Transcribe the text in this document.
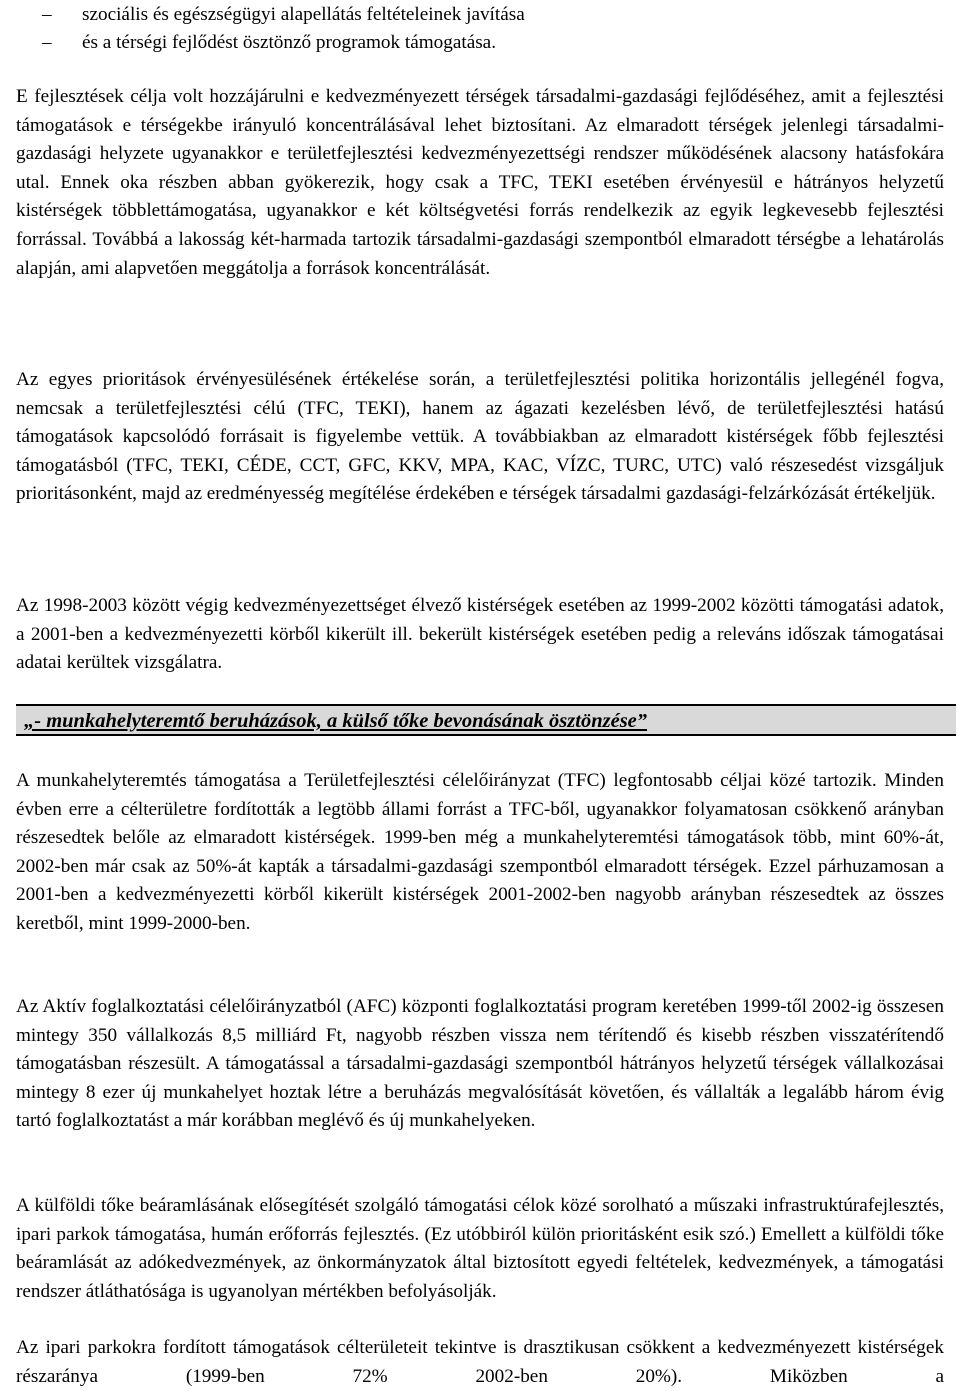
– szociális és egészségügyi alapellátás feltételeinek javítása
– és a térségi fejlődést ösztönző programok támogatása.

E fejlesztések célja volt hozzájárulni e kedvezményezett térségek társadalmi-gazdasági fejlődéséhez, amit a fejlesztési támogatások e térségekbe irányuló koncentrálásával lehet biztosítani. Az elmaradott térségek jelenlegi társadalmi-gazdasági helyzete ugyanakkor e területfejlesztési kedvezményezettségi rendszer működésének alacsony hatásfokára utal. Ennek oka részben abban gyökerezik, hogy csak a TFC, TEKI esetében érvényesül e hátrányos helyzetű kistérségek többlettámogatása, ugyanakkor e két költségvetési forrás rendelkezik az egyik legkevesebb fejlesztési forrással. Továbbá a lakosság két-harmada tartozik társadalmi-gazdasági szempontból elmaradott térségbe a lehatárolás alapján, ami alapvetően meggátolja a források koncentrálását.

Az egyes prioritások érvényesülésének értékelése során, a területfejlesztési politika horizontális jellegénél fogva, nemcsak a területfejlesztési célú (TFC, TEKI), hanem az ágazati kezelésben lévő, de területfejlesztési hatású támogatások kapcsolódó forrásait is figyelembe vettük. A továbbiakban az elmaradott kistérségek főbb fejlesztési támogatásból (TFC, TEKI, CÉDE, CCT, GFC, KKV, MPA, KAC, VÍZC, TURC, UTC) való részesedést vizsgáljuk prioritásonként, majd az eredményesség megítélése érdekében e térségek társadalmi gazdasági-felzárkózását értékeljük.

Az 1998-2003 között végig kedvezményezettséget élvező kistérségek esetében az 1999-2002 közötti támogatási adatok, a 2001-ben a kedvezményezetti körből kikerült ill. bekerült kistérségek esetében pedig a releváns időszak támogatásai adatai kerültek vizsgálatra.

„- munkahelyteremtő beruházások, a külső tőke bevonásának ösztönzése”

A munkahelyteremtés támogatása a Területfejlesztési célelőirányzat (TFC) legfontosabb céljai közé tartozik. Minden évben erre a célterületre fordították a legtöbb állami forrást a TFC-ből, ugyanakkor folyamatosan csökkenő arányban részesedtek belőle az elmaradott kistérségek. 1999-ben még a munkahelyteremtési támogatások több, mint 60%-át, 2002-ben már csak az 50%-át kapták a társadalmi-gazdasági szempontból elmaradott térségek. Ezzel párhuzamosan a 2001-ben a kedvezményezetti körből kikerült kistérségek 2001-2002-ben nagyobb arányban részesedtek az összes keretből, mint 1999-2000-ben.

Az Aktív foglalkoztatási célelőirányzatból (AFC) központi foglalkoztatási program keretében 1999-től 2002-ig összesen mintegy 350 vállalkozás 8,5 milliárd Ft, nagyobb részben vissza nem térítendő és kisebb részben visszatérítendő támogatásban részesült. A támogatással a társadalmi-gazdasági szempontból hátrányos helyzetű térségek vállalkozásai mintegy 8 ezer új munkahelyet hoztak létre a beruházás megvalósítását követően, és vállalták a legalább három évig tartó foglalkoztatást a már korábban meglévő és új munkahelyeken.

A külföldi tőke beáramlásának elősegítését szolgáló támogatási célok közé sorolható a műszaki infrastruktúrafejlesztés, ipari parkok támogatása, humán erőforrás fejlesztés. (Ez utóbbiról külön prioritásként esik szó.) Emellett a külföldi tőke beáramlását az adókedvezmények, az önkormányzatok által biztosított egyedi feltételek, kedvezmények, a támogatási rendszer átláthatósága is ugyanolyan mértékben befolyásolják.

Az ipari parkokra fordított támogatások célterületeit tekintve is drasztikusan csökkent a kedvezményezett kistérségek részaránya (1999-ben 72% 2002-ben 20%). Miközben a
